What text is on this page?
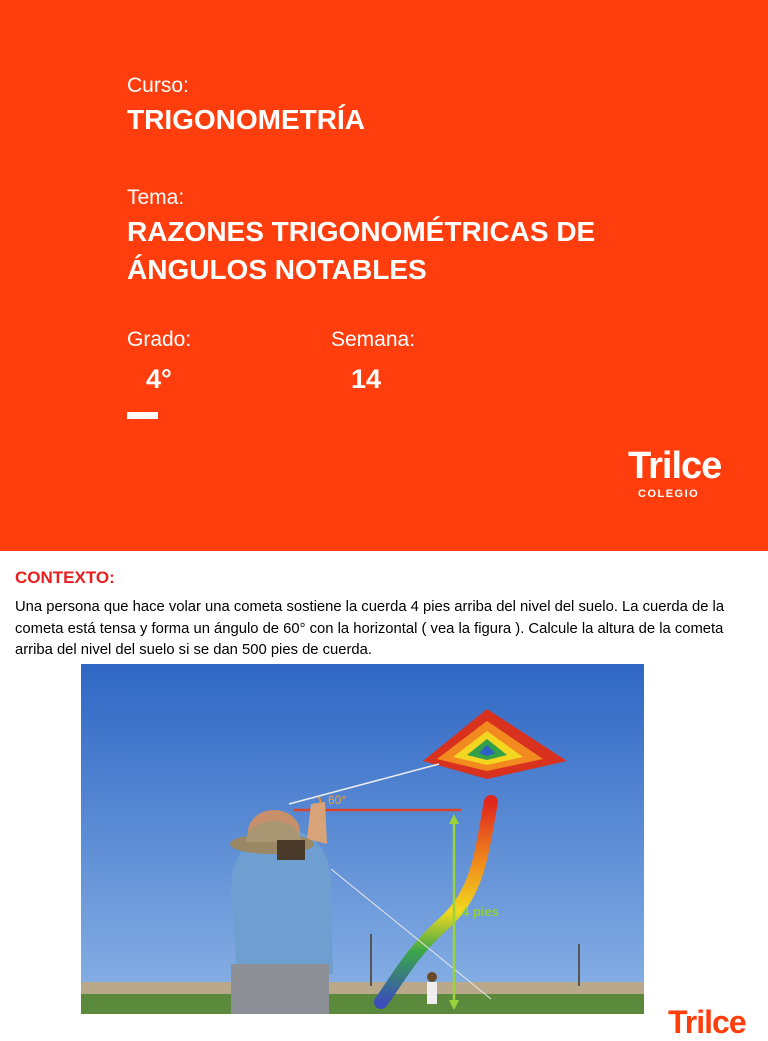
Curso:

TRIGONOMETRÍA

Tema:

RAZONES TRIGONOMÉTRICAS DE

ÁNGULOS NOTABLES

Grado:

4°

Semana:

14

Trilce
COLEGIO
CONTEXTO:
Una persona que hace volar una cometa sostiene la cuerda 4 pies arriba del nivel del suelo. La cuerda de la cometa está tensa y forma un ángulo de 60° con la horizontal ( vea la figura ). Calcule la altura de la cometa arriba del nivel del suelo si se dan 500 pies de cuerda.
60°
4 pies
Trilce
